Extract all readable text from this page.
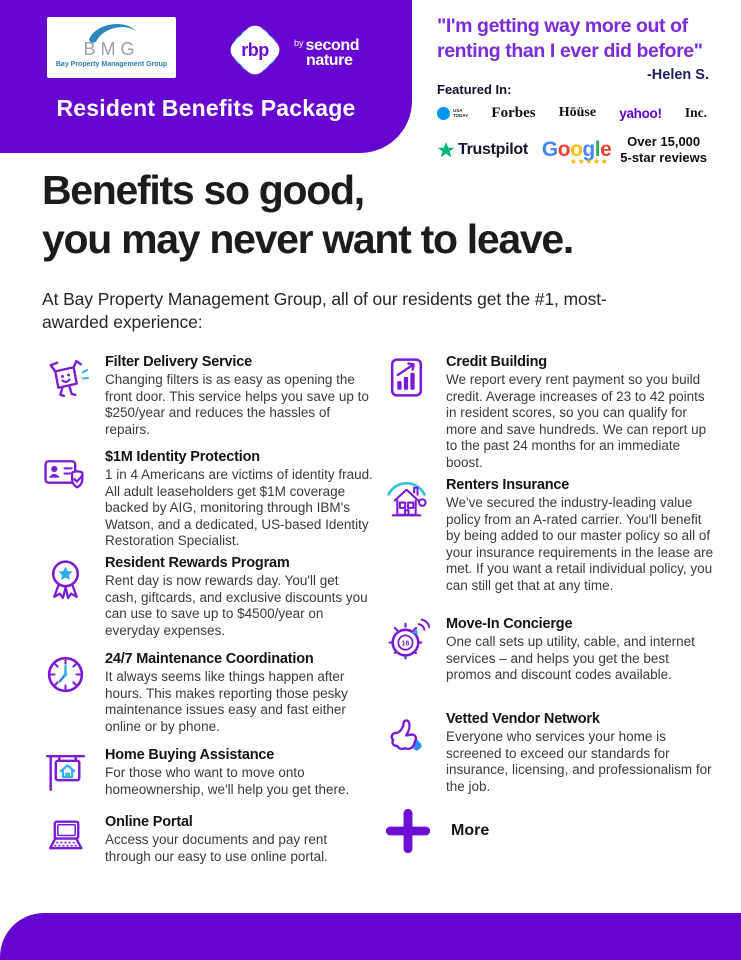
BMG
Bay Property Management Group
rbp	by second
nature
Resident Benefits Package
"I'm getting way more out of
renting than I ever did before"
-Helen S.
Featured In:
USA
TODAY Forbes Hōüse yahoo! Inc.
Trustpilot Google
★★★★★
Over 15,000
5-star reviews
Benefits so good,
you may never want to leave.

At Bay Property Management Group, all of our residents get the #1, most-awarded experience:

Filter Delivery Service

Changing filters is as easy as opening the front door. This service helps you save up to $250/year and reduces the hassles of repairs.

$1M Identity Protection

1 in 4 Americans are victims of identity fraud. All adult leaseholders get $1M coverage backed by AIG, monitoring through IBM's Watson, and a dedicated, US-based Identity Restoration Specialist.

Resident Rewards Program

Rent day is now rewards day. You'll get cash, giftcards, and exclusive discounts you can use to save up to $4500/year on everyday expenses.

24/7 Maintenance Coordination

It always seems like things happen after hours. This makes reporting those pesky maintenance issues easy and fast either online or by phone.

Home Buying Assistance

For those who want to move onto homeownership, we'll help you get there.

Online Portal

Access your documents and pay rent through our easy to use online portal.

Credit Building

We report every rent payment so you build credit. Average increases of 23 to 42 points in resident scores, so you can qualify for more and save hundreds. We can report up to the past 24 months for an immediate boost.

Renters Insurance

We've secured the industry-leading value policy from an A-rated carrier. You'll benefit by being added to our master policy so all of your insurance requirements in the lease are met. If you want a retail individual policy, you can still get that at any time.

16
Move-In Concierge

One call sets up utility, cable, and internet services – and helps you get the best promos and discount codes available.

Vetted Vendor Network

Everyone who services your home is screened to exceed our standards for insurance, licensing, and professionalism for the job.

More
